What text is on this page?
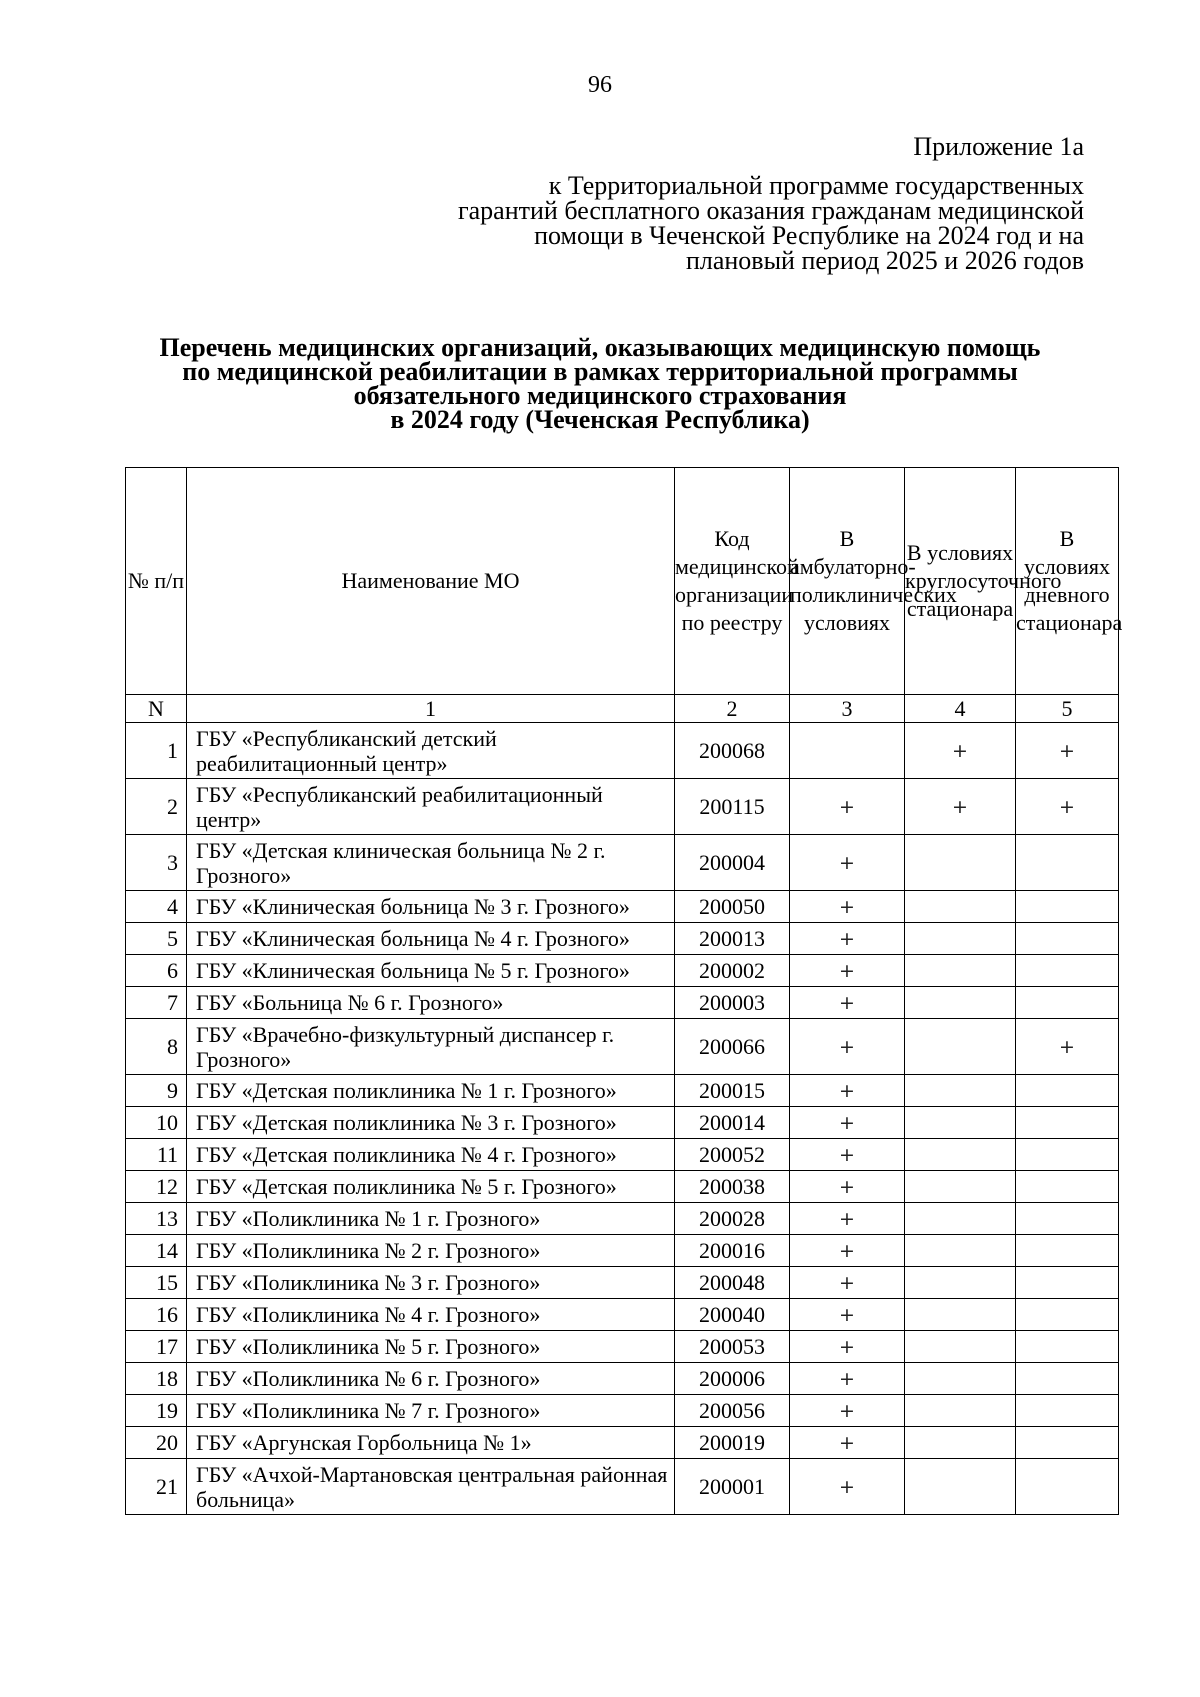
96
Приложение 1а
к Территориальной программе государственных гарантий бесплатного оказания гражданам медицинской помощи в Чеченской Республике на 2024 год и на плановый период 2025 и 2026 годов
Перечень медицинских организаций, оказывающих медицинскую помощь
по медицинской реабилитации в рамках территориальной программы
обязательного медицинского страхования
в 2024 году (Чеченская Республика)
№ п/п	Наименование МО	Код медицинской организации по реестру	В амбулаторно-поликлинических условиях	В условиях круглосуточного стационара	В условиях дневного стационара
N	1	2	3	4	5
1	ГБУ «Республиканский детский реабилитационный центр»	200068		+	+
2	ГБУ «Республиканский реабилитационный центр»	200115	+	+	+
3	ГБУ «Детская клиническая больница № 2 г. Грозного»	200004	+		
4	ГБУ «Клиническая больница № 3 г. Грозного»	200050	+		
5	ГБУ «Клиническая больница № 4 г. Грозного»	200013	+		
6	ГБУ «Клиническая больница № 5 г. Грозного»	200002	+		
7	ГБУ «Больница № 6 г. Грозного»	200003	+		
8	ГБУ «Врачебно-физкультурный диспансер г. Грозного»	200066	+		+
9	ГБУ «Детская поликлиника № 1 г. Грозного»	200015	+		
10	ГБУ «Детская поликлиника № 3 г. Грозного»	200014	+		
11	ГБУ «Детская поликлиника № 4 г. Грозного»	200052	+		
12	ГБУ «Детская поликлиника № 5 г. Грозного»	200038	+		
13	ГБУ «Поликлиника № 1 г. Грозного»	200028	+		
14	ГБУ «Поликлиника № 2 г. Грозного»	200016	+		
15	ГБУ «Поликлиника № 3 г. Грозного»	200048	+		
16	ГБУ «Поликлиника № 4 г. Грозного»	200040	+		
17	ГБУ «Поликлиника № 5 г. Грозного»	200053	+		
18	ГБУ «Поликлиника № 6 г. Грозного»	200006	+		
19	ГБУ «Поликлиника № 7 г. Грозного»	200056	+		
20	ГБУ «Аргунская Горбольница № 1»	200019	+		
21	ГБУ «Ачхой-Мартановская центральная районная больница»	200001	+		
